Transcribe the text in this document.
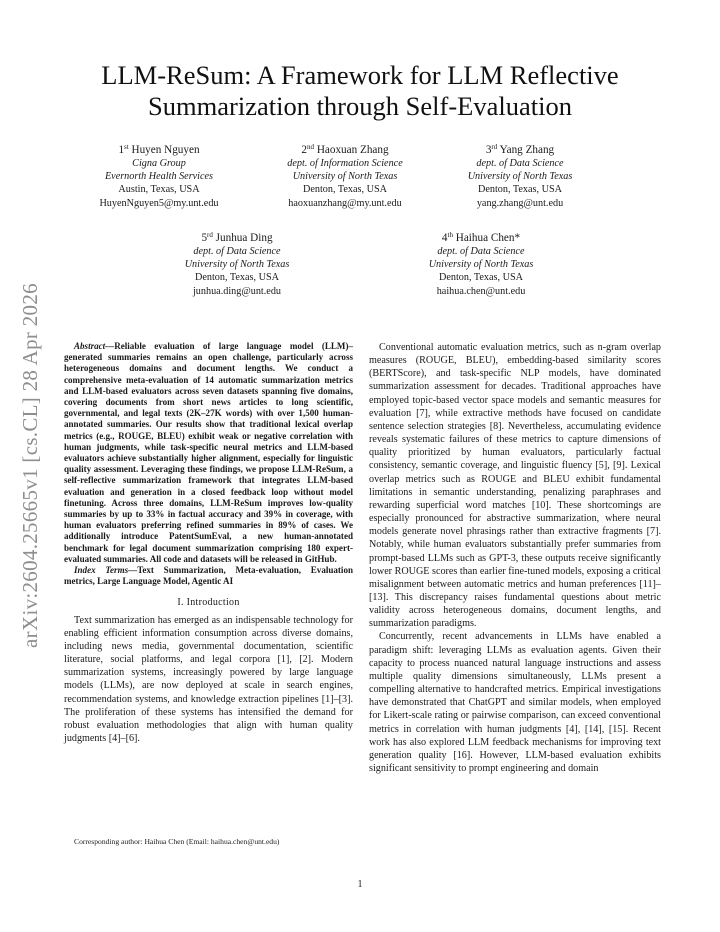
arXiv:2604.25665v1 [cs.CL] 28 Apr 2026
LLM-ReSum: A Framework for LLM Reflective
Summarization through Self-Evaluation
1st Huyen Nguyen
Cigna Group
Evernorth Health Services
Austin, Texas, USA
HuyenNguyen5@my.unt.edu
2nd Haoxuan Zhang
dept. of Information Science
University of North Texas
Denton, Texas, USA
haoxuanzhang@my.unt.edu
3rd Yang Zhang
dept. of Data Science
University of North Texas
Denton, Texas, USA
yang.zhang@unt.edu
5rd Junhua Ding
dept. of Data Science
University of North Texas
Denton, Texas, USA
junhua.ding@unt.edu
4th Haihua Chen*
dept. of Data Science
University of North Texas
Denton, Texas, USA
haihua.chen@unt.edu

Abstract—Reliable evaluation of large language model (LLM)–generated summaries remains an open challenge, particularly across heterogeneous domains and document lengths. We conduct a comprehensive meta-evaluation of 14 automatic summarization metrics and LLM-based evaluators across seven datasets spanning five domains, covering documents from short news articles to long scientific, governmental, and legal texts (2K–27K words) with over 1,500 human-annotated summaries. Our results show that traditional lexical overlap metrics (e.g., ROUGE, BLEU) exhibit weak or negative correlation with human judgments, while task-specific neural metrics and LLM-based evaluators achieve substantially higher alignment, especially for linguistic quality assessment. Leveraging these findings, we propose LLM-ReSum, a self-reflective summarization framework that integrates LLM-based evaluation and generation in a closed feedback loop without model finetuning. Across three domains, LLM-ReSum improves low-quality summaries by up to 33% in factual accuracy and 39% in coverage, with human evaluators preferring refined summaries in 89% of cases. We additionally introduce PatentSumEval, a new human-annotated benchmark for legal document summarization comprising 180 expert-evaluated summaries. All code and datasets will be released in GitHub.

Index Terms—Text Summarization, Meta-evaluation, Evaluation metrics, Large Language Model, Agentic AI

I. Introduction

Text summarization has emerged as an indispensable technology for enabling efficient information consumption across diverse domains, including news media, governmental documentation, scientific literature, social platforms, and legal corpora [1], [2]. Modern summarization systems, increasingly powered by large language models (LLMs), are now deployed at scale in search engines, recommendation systems, and knowledge extraction pipelines [1]–[3]. The proliferation of these systems has intensified the demand for robust evaluation methodologies that align with human quality judgments [4]–[6].

Corresponding author: Haihua Chen (Email: haihua.chen@unt.edu)

Conventional automatic evaluation metrics, such as n-gram overlap measures (ROUGE, BLEU), embedding-based similarity scores (BERTScore), and task-specific NLP models, have dominated summarization assessment for decades. Traditional approaches have employed topic-based vector space models and semantic measures for evaluation [7], while extractive methods have focused on candidate sentence selection strategies [8]. Nevertheless, accumulating evidence reveals systematic failures of these metrics to capture dimensions of quality prioritized by human evaluators, particularly factual consistency, semantic coverage, and linguistic fluency [5], [9]. Lexical overlap metrics such as ROUGE and BLEU exhibit fundamental limitations in semantic understanding, penalizing paraphrases and rewarding superficial word matches [10]. These shortcomings are especially pronounced for abstractive summarization, where neural models generate novel phrasings rather than extractive fragments [7]. Notably, while human evaluators substantially prefer summaries from prompt-based LLMs such as GPT-3, these outputs receive significantly lower ROUGE scores than earlier fine-tuned models, exposing a critical misalignment between automatic metrics and human preferences [11]–[13]. This discrepancy raises fundamental questions about metric validity across heterogeneous domains, document lengths, and summarization paradigms.

Concurrently, recent advancements in LLMs have enabled a paradigm shift: leveraging LLMs as evaluation agents. Given their capacity to process nuanced natural language instructions and assess multiple quality dimensions simultaneously, LLMs present a compelling alternative to handcrafted metrics. Empirical investigations have demonstrated that ChatGPT and similar models, when employed for Likert-scale rating or pairwise comparison, can exceed conventional metrics in correlation with human judgments [4], [14], [15]. Recent work has also explored LLM feedback mechanisms for improving text generation quality [16]. However, LLM-based evaluation exhibits significant sensitivity to prompt engineering and domain

1
